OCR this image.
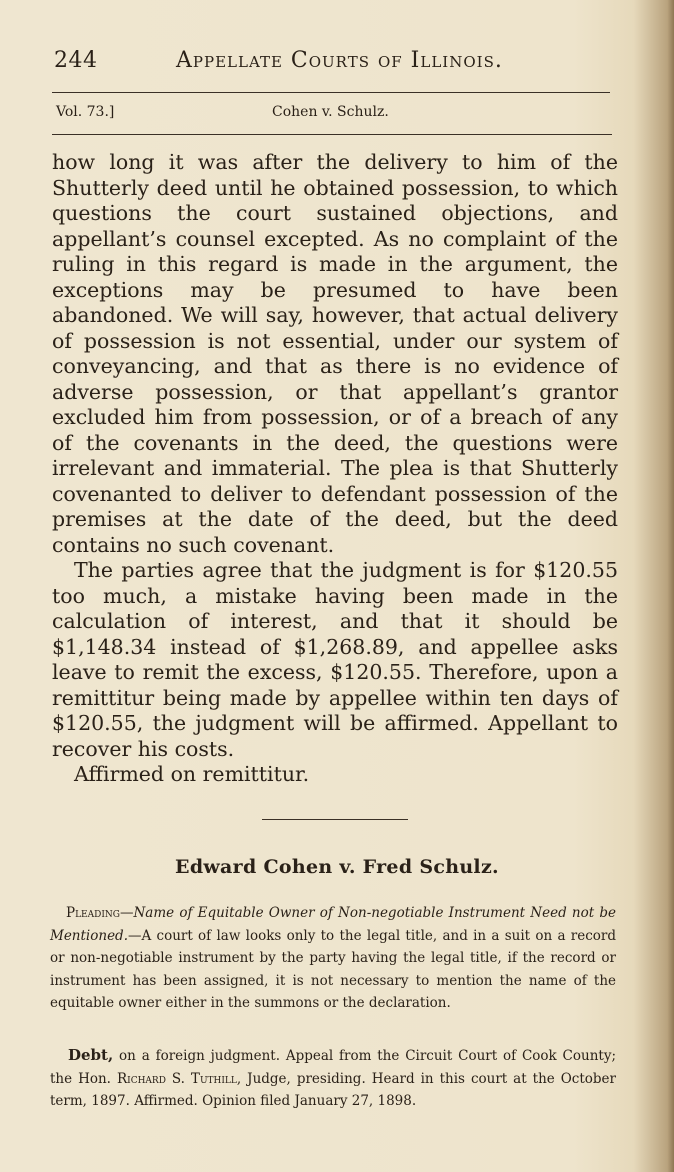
244	Appellate Courts of Illinois.
Vol. 73.]	Cohen v. Schulz.

how long it was after the delivery to him of the Shutterly deed until he obtained possession, to which questions the court sustained objections, and appellant’s counsel excepted. As no complaint of the ruling in this regard is made in the argument, the exceptions may be presumed to have been abandoned. We will say, however, that actual delivery of possession is not essential, under our system of conveyancing, and that as there is no evidence of adverse possession, or that appellant’s grantor excluded him from possession, or of a breach of any of the covenants in the deed, the questions were irrelevant and immaterial. The plea is that Shutterly covenanted to deliver to defendant possession of the premises at the date of the deed, but the deed contains no such covenant.

The parties agree that the judgment is for $120.55 too much, a mistake having been made in the calculation of interest, and that it should be $1,148.34 instead of $1,268.89, and appellee asks leave to remit the excess, $120.55. Therefore, upon a remittitur being made by appellee within ten days of $120.55, the judgment will be affirmed. Appellant to recover his costs.

Affirmed on remittitur.

Edward Cohen v. Fred Schulz.

Pleading—Name of Equitable Owner of Non-negotiable Instrument Need not be Mentioned.—A court of law looks only to the legal title, and in a suit on a record or non-negotiable instrument by the party having the legal title, if the record or instrument has been assigned, it is not necessary to mention the name of the equitable owner either in the summons or the declaration.

Debt, on a foreign judgment. Appeal from the Circuit Court of Cook County; the Hon. Richard S. Tuthill, Judge, presiding. Heard in this court at the October term, 1897. Affirmed. Opinion filed January 27, 1898.
